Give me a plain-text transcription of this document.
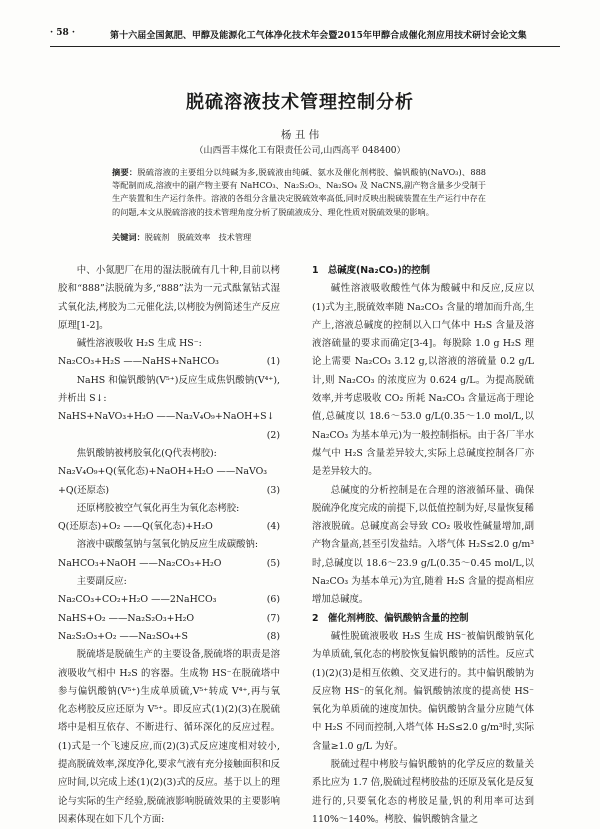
· 58 ·	第十六届全国氮肥、甲醇及能源化工气体净化技术年会暨2015年甲醇合成催化剂应用技术研讨会论文集
脱硫溶液技术管理控制分析
杨 丑 伟
（山西晋丰煤化工有限责任公司,山西高平 048400）
摘要：脱硫溶液的主要组分以纯碱为多,脱硫液由纯碱、氨水及催化剂栲胶、偏钒酸钠(NaVO₃)、888 等配制而成,溶液中的副产物主要有 NaHCO₃、Na₂S₂O₃、Na₂SO₄ 及 NaCNS,副产物含量多少受制于生产装置和生产运行条件。溶液的各组分含量决定脱硫效率高低,同时反映出脱硫装置在生产运行中存在的问题,本文从脱硫溶液的技术管理角度分析了脱硫液成分、理化性质对脱硫效果的影响。
关键词：脱硫剂　脱硫效率　技术管理

中、小氮肥厂在用的湿法脱硫有几十种,目前以栲胶和“888”法脱硫为多,“888”法为一元式酞氰钴式湿式氧化法,栲胶为二元催化法,以栲胶为例简述生产反应原理[1-2]。

碱性溶液吸收 H₂S 生成 HS⁻:

Na₂CO₃+H₂S ——NaHS+NaHCO₃	(1)

NaHS 和偏钒酸钠(V⁵⁺)反应生成焦钒酸钠(V⁴⁺),并析出 S↓:

NaHS+NaVO₃+H₂O ——Na₂V₄O₉+NaOH+S↓
(2)

焦钒酸钠被栲胶氧化(Q代表栲胶):

Na₂V₄O₉+Q(氧化态)+NaOH+H₂O ——NaVO₃
+Q(还原态)	(3)

还原栲胶被空气氧化再生为氧化态栲胶:

Q(还原态)+O₂ ——Q(氧化态)+H₂O	(4)

溶液中碳酸氢钠与氢氧化钠反应生成碳酸钠:

NaHCO₃+NaOH ——Na₂CO₃+H₂O	(5)

主要副反应:

Na₂CO₃+CO₂+H₂O ——2NaHCO₃	(6)
NaHS+O₂ ——Na₂S₂O₃+H₂O	(7)
Na₂S₂O₃+O₂ ——Na₂SO₄+S	(8)

脱硫塔是脱硫生产的主要设备,脱硫塔的职责是溶液吸收气相中 H₂S 的容器。生成物 HS⁻在脱硫塔中参与偏钒酸钠(V⁵⁺)生成单质硫,V⁵⁺转成 V⁴⁺,再与氧化态栲胶反应还原为 V⁵⁺。即反应式(1)(2)(3)在脱硫塔中是相互依存、不断进行、循环深化的反应过程。(1)式是一个飞速反应,而(2)(3)式反应速度相对较小,提高脱硫效率,深度净化,要求气液有充分接触面积和反应时间,以完成上述(1)(2)(3)式的反应。基于以上的理论与实际的生产经验,脱硫液影响脱硫效果的主要影响因素体现在如下几个方面:

1　总碱度(Na₂CO₃)的控制

碱性溶液吸收酸性气体为酸碱中和反应,反应以(1)式为主,脱硫效率随 Na₂CO₃ 含量的增加而升高,生产上,溶液总碱度的控制以入口气体中 H₂S 含量及溶液溶硫量的要求而确定[3-4]。每脱除 1.0 g H₂S 理论上需要 Na₂CO₃ 3.12 g,以溶液的溶硫量 0.2 g/L 计,则 Na₂CO₃ 的浓度应为 0.624 g/L。为提高脱硫效率,并考虑吸收 CO₂ 所耗 Na₂CO₃ 含量远高于理论值,总碱度以 18.6～53.0 g/L(0.35～1.0 mol/L,以 Na₂CO₃ 为基本单元)为一般控制指标。由于各厂半水煤气中 H₂S 含量差异较大,实际上总碱度控制各厂亦是差异较大的。

总碱度的分析控制是在合理的溶液循环量、确保脱硫净化度完成的前提下,以低值控制为好,尽量恢复稀溶液脱硫。总碱度高会导致 CO₂ 吸收性碱量增加,副产物含量高,甚至引发盐结。入塔气体 H₂S≤2.0 g/m³时,总碱度以 18.6～23.9 g/L(0.35～0.45 mol/L,以 Na₂CO₃ 为基本单元)为宜,随着 H₂S 含量的提高相应增加总碱度。

2　催化剂栲胶、偏钒酸钠含量的控制

碱性脱硫液吸收 H₂S 生成 HS⁻被偏钒酸钠氧化为单质硫,氧化态的栲胶恢复偏钒酸钠的活性。反应式(1)(2)(3)是相互依赖、交叉进行的。其中偏钒酸钠为反应物 HS⁻的氧化剂。偏钒酸钠浓度的提高使 HS⁻氧化为单质硫的速度加快。偏钒酸钠含量分应随气体中 H₂S 不同而控制,入塔气体 H₂S≤2.0 g/m³时,实际含量≥1.0 g/L 为好。

脱硫过程中栲胶与偏钒酸钠的化学反应的数量关系比应为 1.7 倍,脱硫过程栲胶盐的还原及氧化是反复进行的,只要氧化态的栲胶足量,钒的利用率可达到 110%～140%。栲胶、偏钒酸钠含量之
